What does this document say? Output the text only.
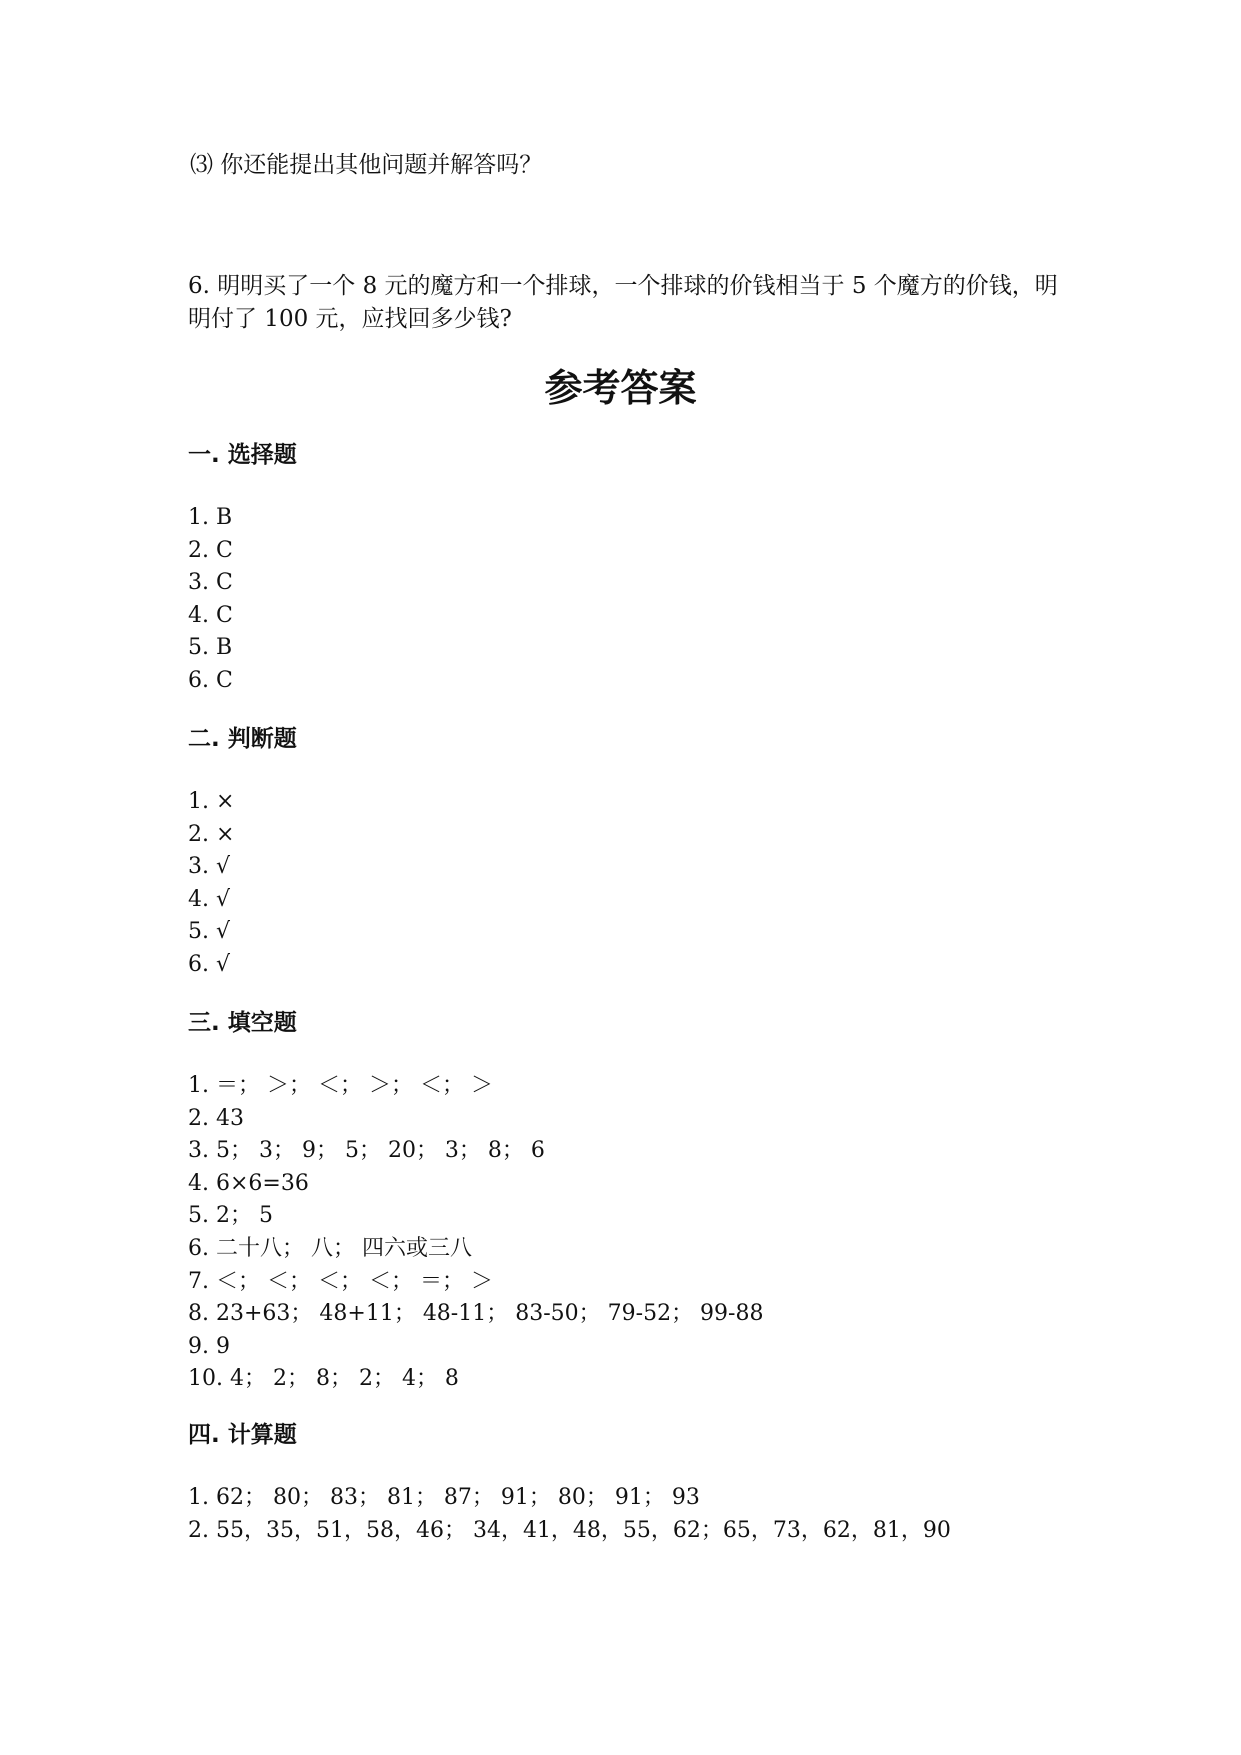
⑶ 你还能提出其他问题并解答吗？
6. 明明买了一个 8 元的魔方和一个排球，一个排球的价钱相当于 5 个魔方的价钱，明明付了 100 元，应找回多少钱?
参考答案
一. 选择题
1. B
2. C
3. C
4. C
5. B
6. C
二. 判断题
1. ×
2. ×
3. √
4. √
5. √
6. √
三. 填空题
1. ＝； ＞； ＜； ＞； ＜； ＞
2. 43
3. 5； 3； 9； 5； 20； 3； 8； 6
4. 6×6=36
5. 2； 5
6. 二十八； 八； 四六或三八
7. ＜； ＜； ＜； ＜； ＝； ＞
8. 23+63； 48+11； 48-11； 83-50； 79-52； 99-88
9. 9
10. 4； 2； 8； 2； 4； 8
四. 计算题
1. 62； 80； 83； 81； 87； 91； 80； 91； 93
2. 55，35，51，58，46； 34，41，48，55，62；65，73，62，81，90
